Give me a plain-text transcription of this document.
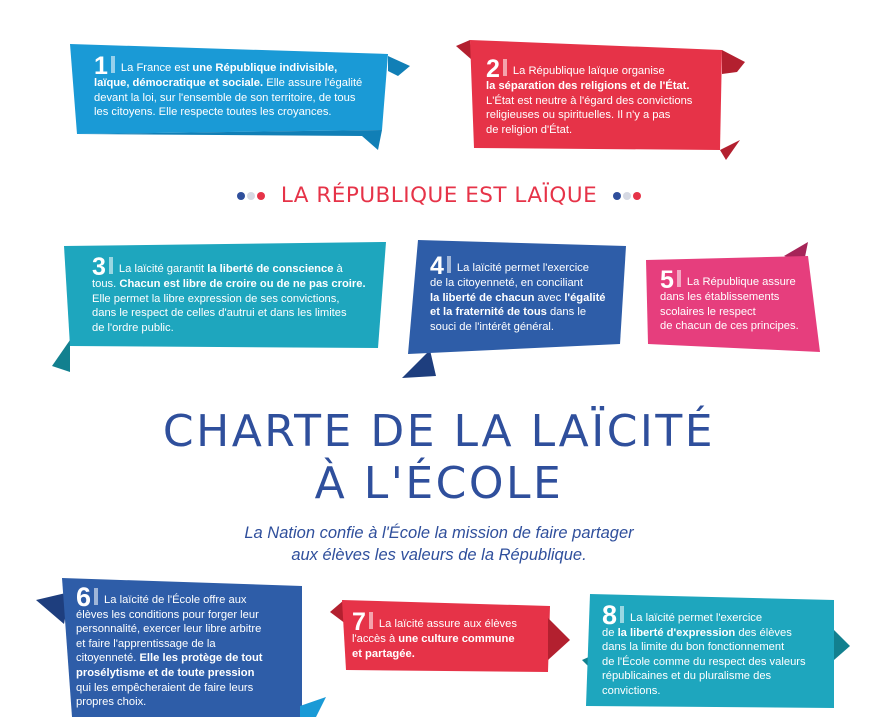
1 La France est une République indivisible,
laïque, démocratique et sociale. Elle assure l'égalité
devant la loi, sur l'ensemble de son territoire, de tous
les citoyens. Elle respecte toutes les croyances.
2 La République laïque organise
la séparation des religions et de l'État.
L'État est neutre à l'égard des convictions
religieuses ou spirituelles. Il n'y a pas
de religion d'État.
LA RÉPUBLIQUE EST LAÏQUE
3 La laïcité garantit la liberté de conscience à
tous. Chacun est libre de croire ou de ne pas croire.
Elle permet la libre expression de ses convictions,
dans le respect de celles d'autrui et dans les limites
de l'ordre public.
4 La laïcité permet l'exercice
de la citoyenneté, en conciliant
la liberté de chacun avec l'égalité
et la fraternité de tous dans le
souci de l'intérêt général.
5 La République assure
dans les établissements
scolaires le respect
de chacun de ces principes.
CHARTE DE LA LAÏCITÉ
À L'ÉCOLE
La Nation confie à l'École la mission de faire partager
aux élèves les valeurs de la République.
6 La laïcité de l'École offre aux
élèves les conditions pour forger leur
personnalité, exercer leur libre arbitre
et faire l'apprentissage de la
citoyenneté. Elle les protège de tout
prosélytisme et de toute pression
qui les empêcheraient de faire leurs
propres choix.
7 La laïcité assure aux élèves
l'accès à une culture commune
et partagée.
8 La laïcité permet l'exercice
de la liberté d'expression des élèves
dans la limite du bon fonctionnement
de l'École comme du respect des valeurs
républicaines et du pluralisme des
convictions.
